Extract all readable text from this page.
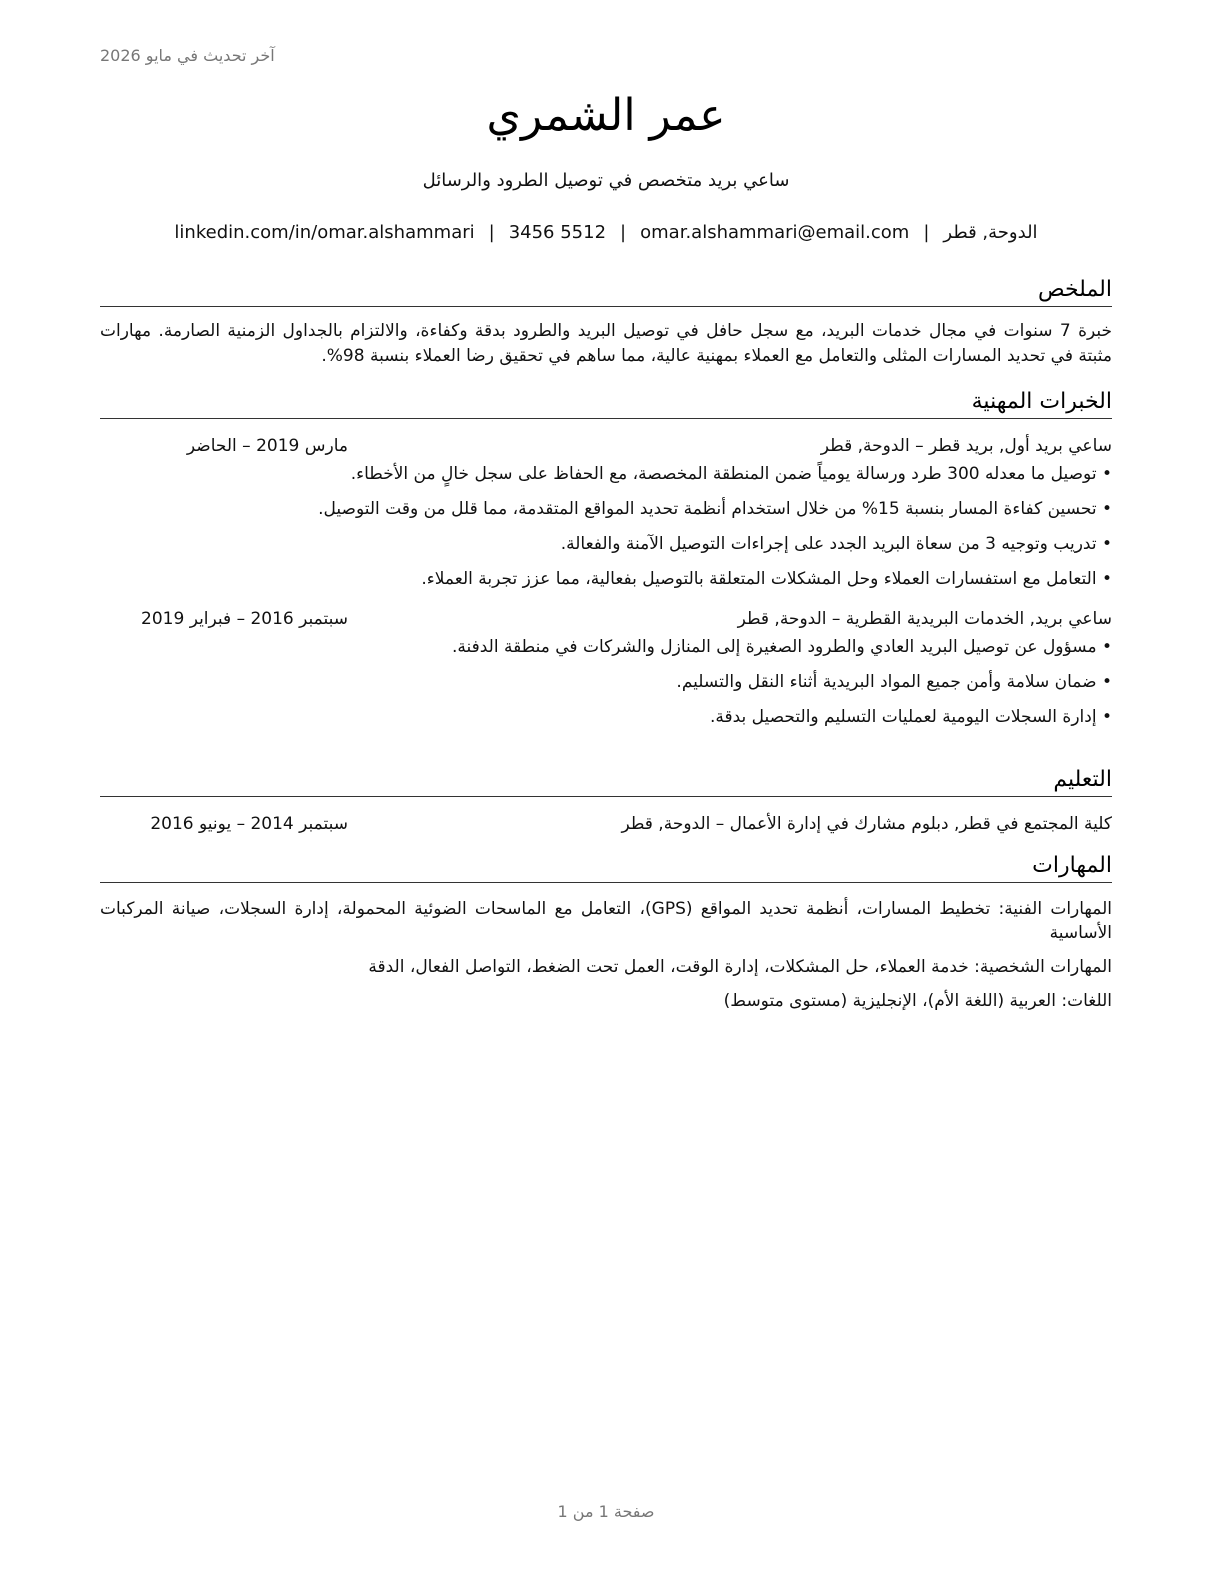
آخر تحديث في مايو 2026
عمر الشمري
ساعي بريد متخصص في توصيل الطرود والرسائل
الدوحة, قطر|omar.alshammari@email.com|3456 5512|linkedin.com/in/omar.alshammari
الملخص
خبرة 7 سنوات في مجال خدمات البريد، مع سجل حافل في توصيل البريد والطرود بدقة وكفاءة، والالتزام بالجداول الزمنية الصارمة. مهارات مثبتة في تحديد المسارات المثلى والتعامل مع العملاء بمهنية عالية، مما ساهم في تحقيق رضا العملاء بنسبة 98%.
الخبرات المهنية
ساعي بريد أول, بريد قطر – الدوحة, قطر
مارس 2019 – الحاضر
• توصيل ما معدله 300 طرد ورسالة يومياً ضمن المنطقة المخصصة، مع الحفاظ على سجل خالٍ من الأخطاء.
• تحسين كفاءة المسار بنسبة 15% من خلال استخدام أنظمة تحديد المواقع المتقدمة، مما قلل من وقت التوصيل.
• تدريب وتوجيه 3 من سعاة البريد الجدد على إجراءات التوصيل الآمنة والفعالة.
• التعامل مع استفسارات العملاء وحل المشكلات المتعلقة بالتوصيل بفعالية، مما عزز تجربة العملاء.
ساعي بريد, الخدمات البريدية القطرية – الدوحة, قطر
سبتمبر 2016 – فبراير 2019
• مسؤول عن توصيل البريد العادي والطرود الصغيرة إلى المنازل والشركات في منطقة الدفنة.
• ضمان سلامة وأمن جميع المواد البريدية أثناء النقل والتسليم.
• إدارة السجلات اليومية لعمليات التسليم والتحصيل بدقة.
التعليم
كلية المجتمع في قطر, دبلوم مشارك في إدارة الأعمال – الدوحة, قطر
سبتمبر 2014 – يونيو 2016
المهارات
المهارات الفنية: تخطيط المسارات، أنظمة تحديد المواقع (GPS)، التعامل مع الماسحات الضوئية المحمولة، إدارة السجلات، صيانة المركبات الأساسية
المهارات الشخصية: خدمة العملاء، حل المشكلات، إدارة الوقت، العمل تحت الضغط، التواصل الفعال، الدقة
اللغات: العربية (اللغة الأم)، الإنجليزية (مستوى متوسط)
صفحة 1 من 1
